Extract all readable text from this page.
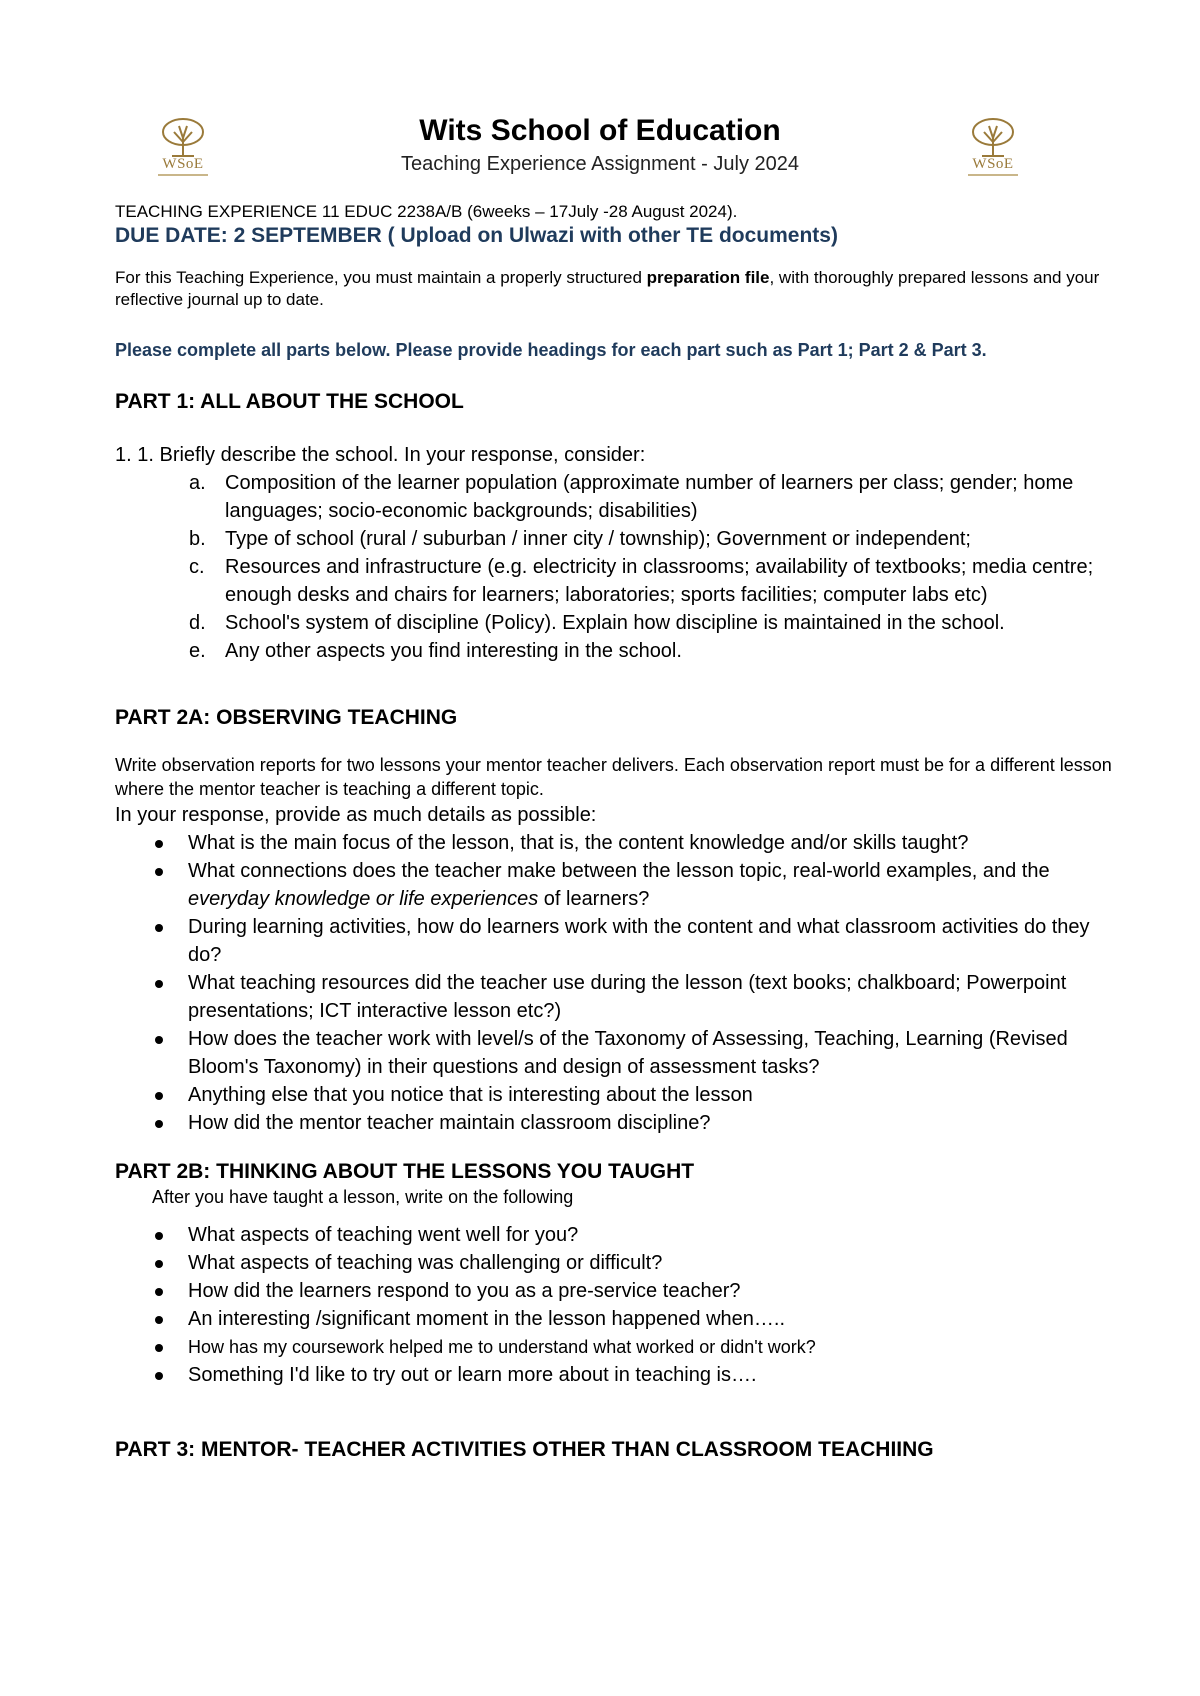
WSoE	WSoE
Wits School of Education
Teaching Experience Assignment - July 2024
TEACHING EXPERIENCE 11 EDUC 2238A/B (6weeks – 17July -28 August 2024).
DUE DATE: 2 SEPTEMBER ( Upload on Ulwazi with other TE documents)
For this Teaching Experience, you must maintain a properly structured preparation file, with thoroughly prepared lessons and your reflective journal up to date.
Please complete all parts below. Please provide headings for each part such as Part 1; Part 2 & Part 3.
PART 1: ALL ABOUT THE SCHOOL
1. 1. Briefly describe the school. In your response, consider:
a. Composition of the learner population (approximate number of learners per class; gender; home languages; socio-economic backgrounds; disabilities)
b. Type of school (rural / suburban / inner city / township); Government or independent;
c. Resources and infrastructure (e.g. electricity in classrooms; availability of textbooks; media centre; enough desks and chairs for learners; laboratories; sports facilities; computer labs etc)
d. School's system of discipline (Policy). Explain how discipline is maintained in the school.
e. Any other aspects you find interesting in the school.
PART 2A: OBSERVING TEACHING
Write observation reports for two lessons your mentor teacher delivers. Each observation report must be for a different lesson where the mentor teacher is teaching a different topic.
In your response, provide as much details as possible:
What is the main focus of the lesson, that is, the content knowledge and/or skills taught?
What connections does the teacher make between the lesson topic, real-world examples, and the everyday knowledge or life experiences of learners?
During learning activities, how do learners work with the content and what classroom activities do they do?
What teaching resources did the teacher use during the lesson (text books; chalkboard; Powerpoint presentations; ICT interactive lesson etc?)
How does the teacher work with level/s of the Taxonomy of Assessing, Teaching, Learning (Revised Bloom's Taxonomy) in their questions and design of assessment tasks?
Anything else that you notice that is interesting about the lesson
How did the mentor teacher maintain classroom discipline?
PART 2B: THINKING ABOUT THE LESSONS YOU TAUGHT
After you have taught a lesson, write on the following
What aspects of teaching went well for you?
What aspects of teaching was challenging or difficult?
How did the learners respond to you as a pre-service teacher?
An interesting /significant moment in the lesson happened when…..
How has my coursework helped me to understand what worked or didn't work?
Something I'd like to try out or learn more about in teaching is….
PART 3: MENTOR- TEACHER ACTIVITIES OTHER THAN CLASSROOM TEACHIING
